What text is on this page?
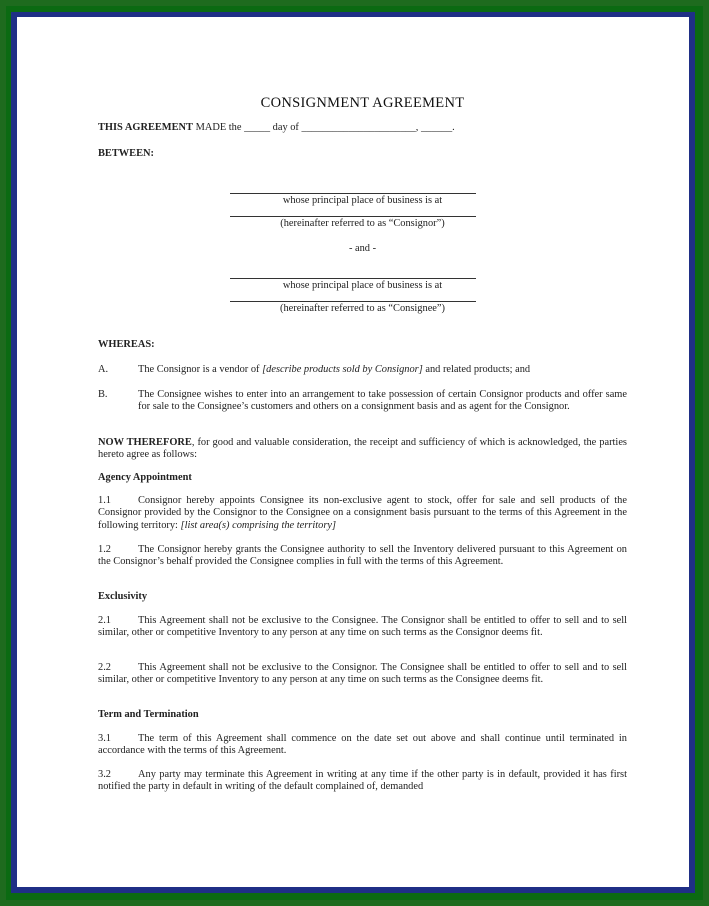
CONSIGNMENT AGREEMENT
THIS AGREEMENT MADE the _____ day of ______________________, ______.
BETWEEN:
whose principal place of business is at
(hereinafter referred to as “Consignor”)
- and -
whose principal place of business is at
(hereinafter referred to as “Consignee”)
WHEREAS:
A.	The Consignor is a vendor of [describe products sold by Consignor] and related products; and
B.	The Consignee wishes to enter into an arrangement to take possession of certain Consignor products and offer same for sale to the Consignee’s customers and others on a consignment basis and as agent for the Consignor.
NOW THEREFORE, for good and valuable consideration, the receipt and sufficiency of which is acknowledged, the parties hereto agree as follows:
Agency Appointment
1.1	Consignor hereby appoints Consignee its non-exclusive agent to stock, offer for sale and sell products of the Consignor provided by the Consignor to the Consignee on a consignment basis pursuant to the terms of this Agreement in the following territory: [list area(s) comprising the territory]
1.2	The Consignor hereby grants the Consignee authority to sell the Inventory delivered pursuant to this Agreement on the Consignor’s behalf provided the Consignee complies in full with the terms of this Agreement.
Exclusivity
2.1	This Agreement shall not be exclusive to the Consignee. The Consignor shall be entitled to offer to sell and to sell similar, other or competitive Inventory to any person at any time on such terms as the Consignor deems fit.
2.2	This Agreement shall not be exclusive to the Consignor. The Consignee shall be entitled to offer to sell and to sell similar, other or competitive Inventory to any person at any time on such terms as the Consignee deems fit.
Term and Termination
3.1	The term of this Agreement shall commence on the date set out above and shall continue until terminated in accordance with the terms of this Agreement.
3.2	Any party may terminate this Agreement in writing at any time if the other party is in default, provided it has first notified the party in default in writing of the default complained of, demanded
